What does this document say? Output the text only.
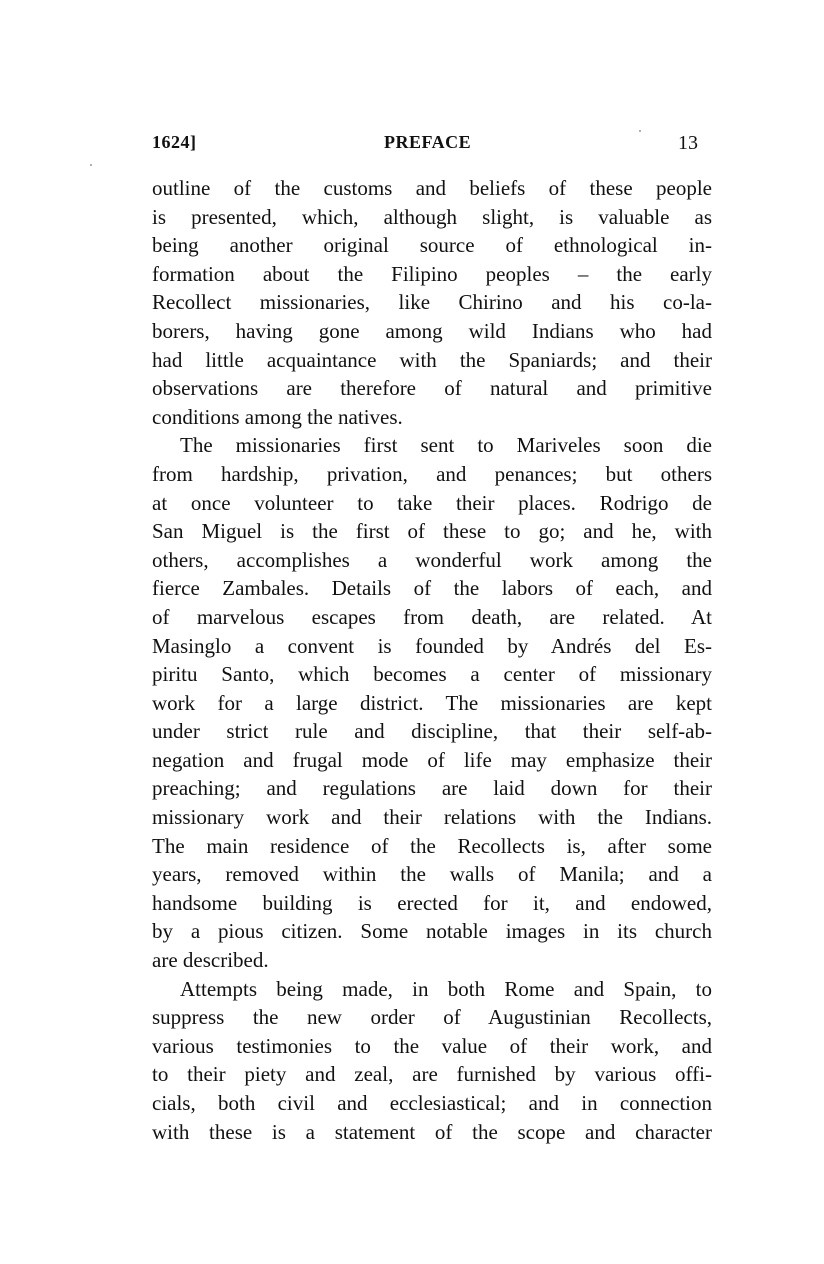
1624]	PREFACE	13
outline of the customs and beliefs of these people
is presented, which, although slight, is valuable as
being another original source of ethnological in-
formation about the Filipino peoples – the early
Recollect missionaries, like Chirino and his co-la-
borers, having gone among wild Indians who had
had little acquaintance with the Spaniards; and their
observations are therefore of natural and primitive
conditions among the natives.
The missionaries first sent to Mariveles soon die
from hardship, privation, and penances; but others
at once volunteer to take their places. Rodrigo de
San Miguel is the first of these to go; and he, with
others, accomplishes a wonderful work among the
fierce Zambales. Details of the labors of each, and
of marvelous escapes from death, are related. At
Masinglo a convent is founded by Andrés del Es-
piritu Santo, which becomes a center of missionary
work for a large district. The missionaries are kept
under strict rule and discipline, that their self-ab-
negation and frugal mode of life may emphasize their
preaching; and regulations are laid down for their
missionary work and their relations with the Indians.
The main residence of the Recollects is, after some
years, removed within the walls of Manila; and a
handsome building is erected for it, and endowed,
by a pious citizen. Some notable images in its church
are described.
Attempts being made, in both Rome and Spain, to
suppress the new order of Augustinian Recollects,
various testimonies to the value of their work, and
to their piety and zeal, are furnished by various offi-
cials, both civil and ecclesiastical; and in connection
with these is a statement of the scope and character
